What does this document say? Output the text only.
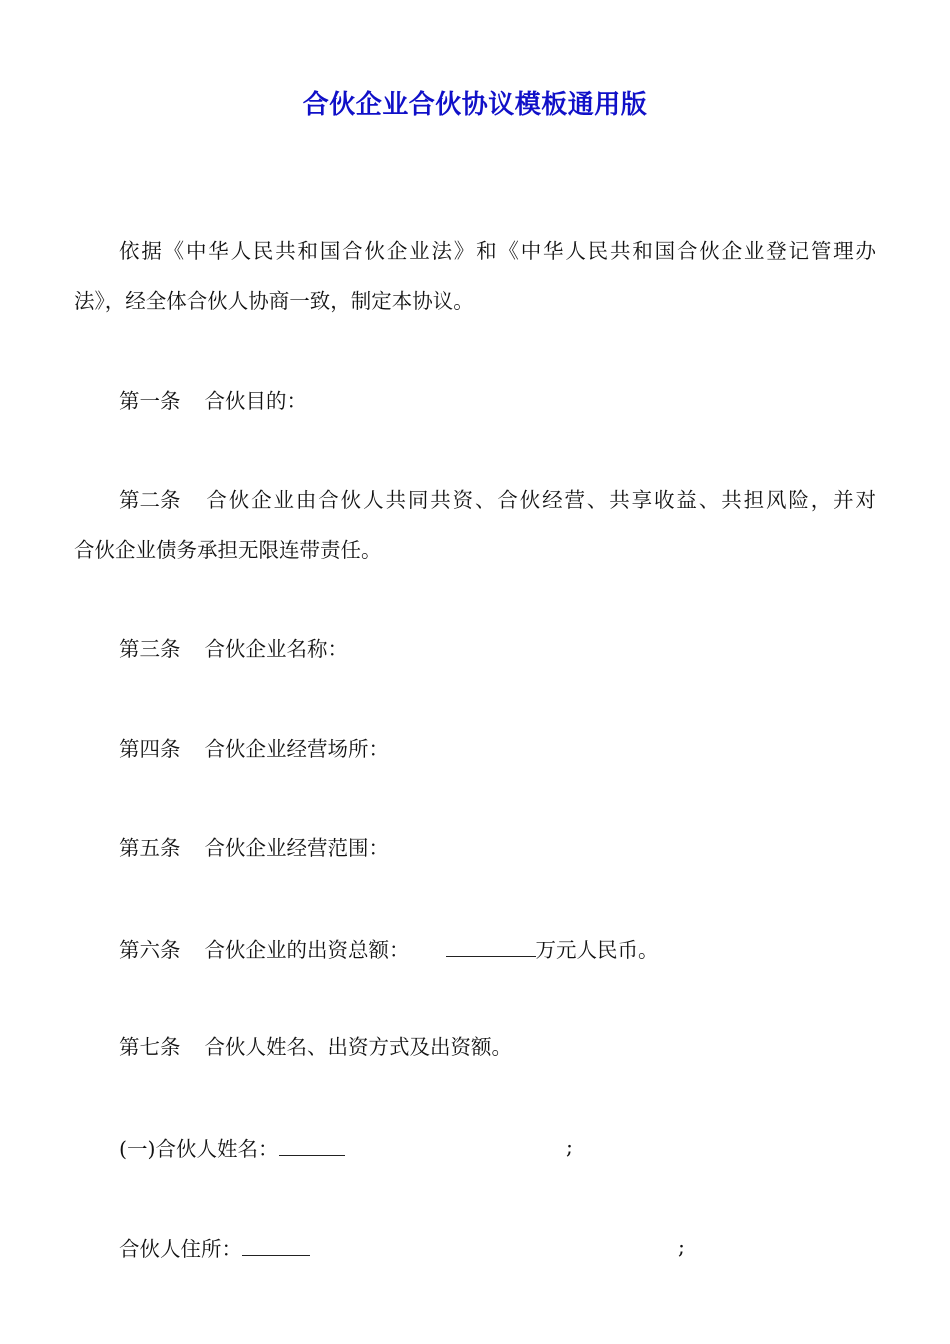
合伙企业合伙协议模板通用版
依据《中华人民共和国合伙企业法》和《中华人民共和国合伙企业登记管理办
法》，经全体合伙人协商一致，制定本协议。
第一条 合伙目的：
第二条 合伙企业由合伙人共同共资、合伙经营、共享收益、共担风险，并对
合伙企业债务承担无限连带责任。
第三条 合伙企业名称：
第四条 合伙企业经营场所：
第五条 合伙企业经营范围：
第六条 合伙企业的出资总额：	万元人民币。
第七条 合伙人姓名、出资方式及出资额。
(一)合伙人姓名：	;
合伙人住所：	;
